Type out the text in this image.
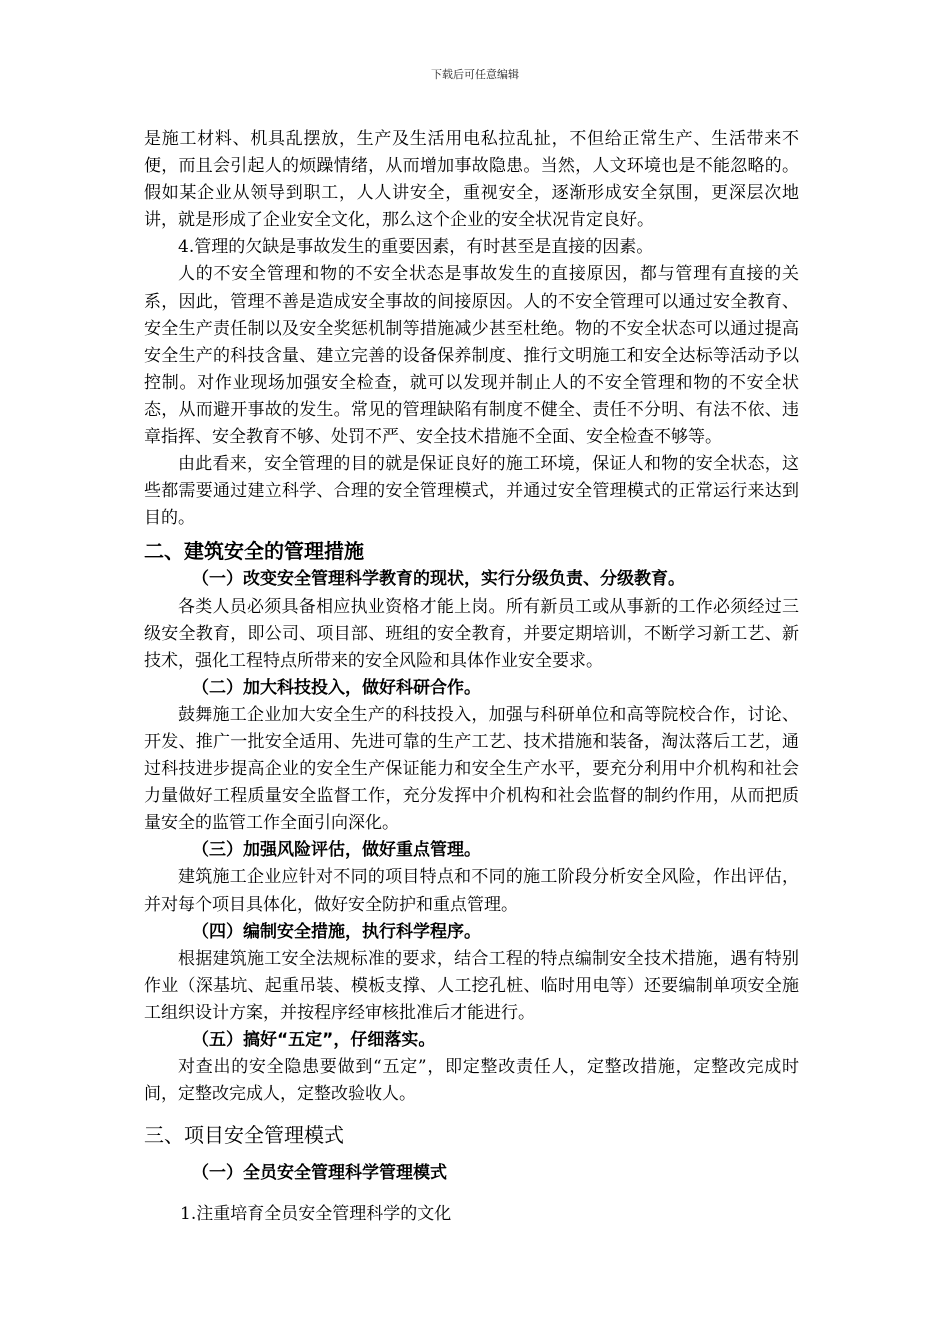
下载后可任意编辑

是施工材料、机具乱摆放，生产及生活用电私拉乱扯，不但给正常生产、生活带来不便，而且会引起人的烦躁情绪，从而增加事故隐患。当然，人文环境也是不能忽略的。假如某企业从领导到职工，人人讲安全，重视安全，逐渐形成安全氛围，更深层次地讲，就是形成了企业安全文化，那么这个企业的安全状况肯定良好。

4.管理的欠缺是事故发生的重要因素，有时甚至是直接的因素。

人的不安全管理和物的不安全状态是事故发生的直接原因，都与管理有直接的关系，因此，管理不善是造成安全事故的间接原因。人的不安全管理可以通过安全教育、安全生产责任制以及安全奖惩机制等措施减少甚至杜绝。物的不安全状态可以通过提高安全生产的科技含量、建立完善的设备保养制度、推行文明施工和安全达标等活动予以控制。对作业现场加强安全检查，就可以发现并制止人的不安全管理和物的不安全状态，从而避开事故的发生。常见的管理缺陷有制度不健全、责任不分明、有法不依、违章指挥、安全教育不够、处罚不严、安全技术措施不全面、安全检查不够等。

由此看来，安全管理的目的就是保证良好的施工环境，保证人和物的安全状态，这些都需要通过建立科学、合理的安全管理模式，并通过安全管理模式的正常运行来达到目的。

二、建筑安全的管理措施
（一）改变安全管理科学教育的现状，实行分级负责、分级教育。

各类人员必须具备相应执业资格才能上岗。所有新员工或从事新的工作必须经过三级安全教育，即公司、项目部、班组的安全教育，并要定期培训，不断学习新工艺、新技术，强化工程特点所带来的安全风险和具体作业安全要求。

（二）加大科技投入，做好科研合作。

鼓舞施工企业加大安全生产的科技投入，加强与科研单位和高等院校合作，讨论、开发、推广一批安全适用、先进可靠的生产工艺、技术措施和装备，淘汰落后工艺，通过科技进步提高企业的安全生产保证能力和安全生产水平，要充分利用中介机构和社会力量做好工程质量安全监督工作，充分发挥中介机构和社会监督的制约作用，从而把质量安全的监管工作全面引向深化。

（三）加强风险评估，做好重点管理。

建筑施工企业应针对不同的项目特点和不同的施工阶段分析安全风险，作出评估，并对每个项目具体化，做好安全防护和重点管理。

（四）编制安全措施，执行科学程序。

根据建筑施工安全法规标准的要求，结合工程的特点编制安全技术措施，遇有特别作业（深基坑、起重吊装、模板支撑、人工挖孔桩、临时用电等）还要编制单项安全施工组织设计方案，并按程序经审核批准后才能进行。

（五）搞好“五定”，仔细落实。

对查出的安全隐患要做到“五定”，即定整改责任人，定整改措施，定整改完成时间，定整改完成人，定整改验收人。

三、项目安全管理模式
（一）全员安全管理科学管理模式

1.注重培育全员安全管理科学的文化
